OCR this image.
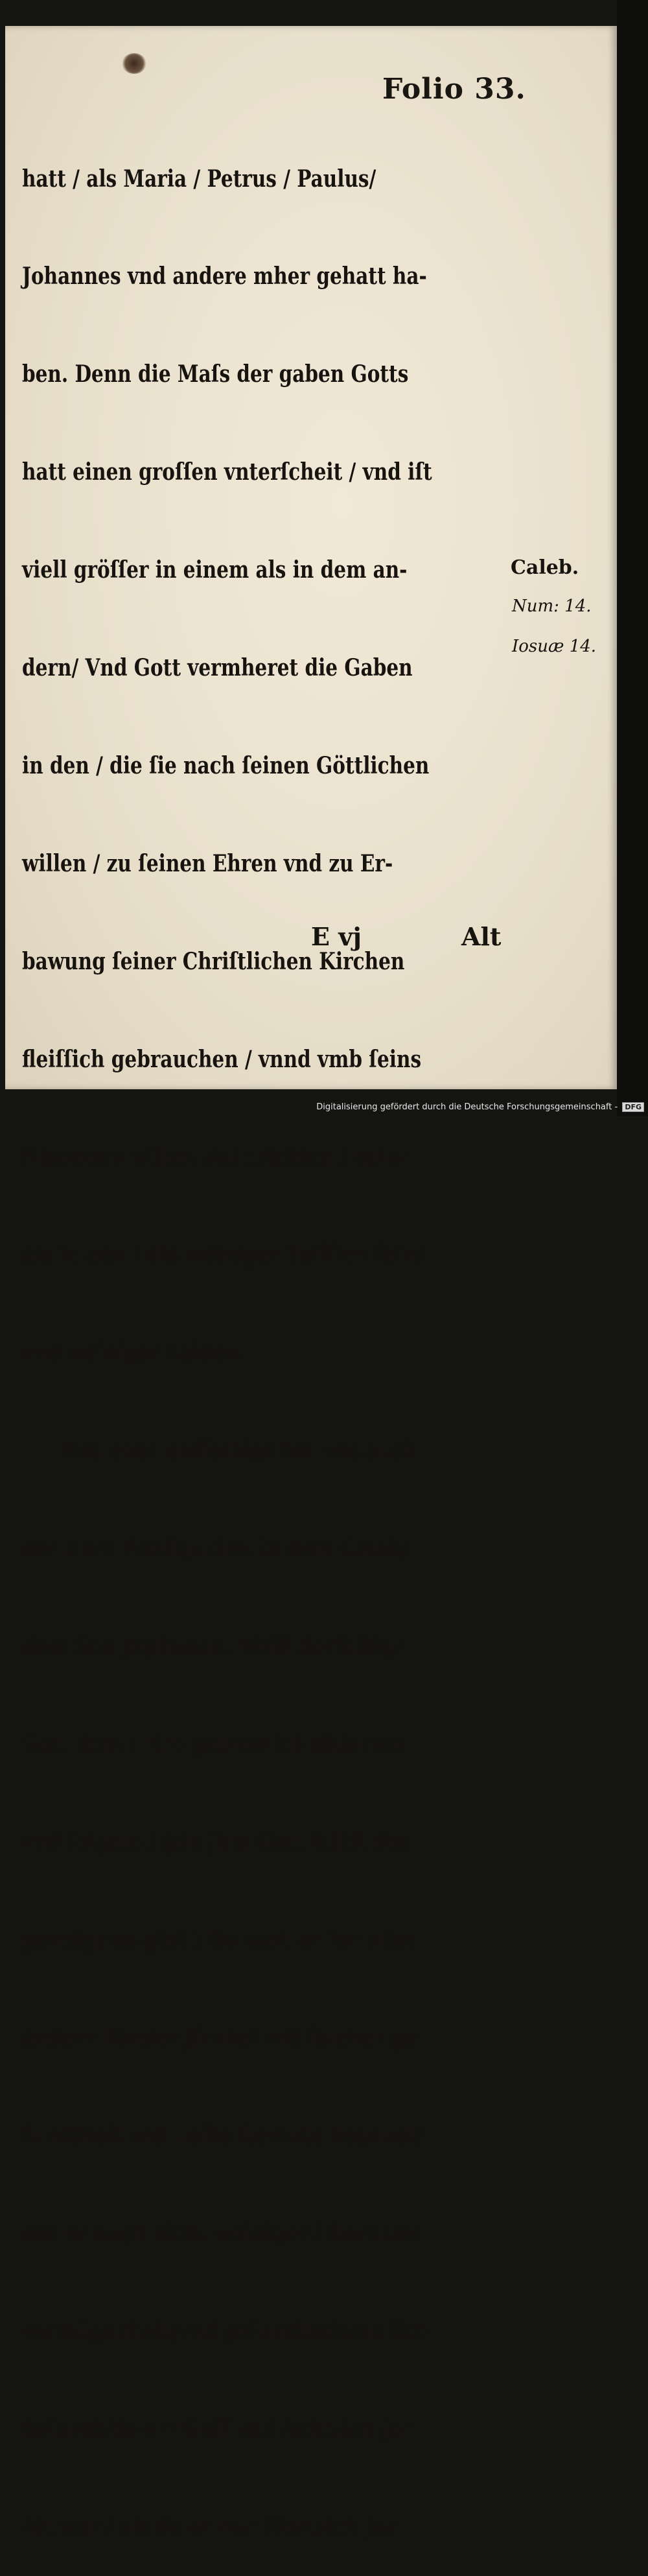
Folio 33.

hatt / als Maria / Petrus / Paulus/

Johannes vnd andere mher gehatt ha-

ben. Denn die Maſs der gaben Gotts

hatt einen groſſen vnterſcheit / vnd iſt

viell gröſſer in einem als in dem an-

dern/ Vnd Gott vermheret die Gaben

in den / die ſie nach ſeinen Göttlichen

willen / zu ſeinen Ehren vnd zu Er-

bawung ſeiner Chriſtlichen Kirchen

fleiſſich gebrauchen / vnnd vmb ſeins

Nhamens willen viel erleiden / mher

als in den / die weiniger fleiſſich ſein/

vnd weiniger Leiden.

Vnd eben daſſelbige hat vns auch

der Herr Præfiguriret in dem Caleb/

dem Son Jephunne. Weill derſelbig/

Gott dem HErn getrewlich dhienete

vnd folgete / (als jhm Gott ſelbſt des

gezeügnus gibt ) Da wart er fur allen

andern Kinder Jſrahel mit ſolcher ge-

ſundtheit vnd Leibs ſterckte begabet/

das er auch nicht weiniger / ſterckte/

vermügenheit/vnd geſundtheit/an ſich

befandt/do er Fünff vnd Achtzich jar

Alt war / als do er nur Viertzich Jar

Caleb.
Num: 14.
Iosuæ 14.
E vj	Alt
Digitalisierung gefördert durch die Deutsche Forschungsgemeinschaft - DFG
